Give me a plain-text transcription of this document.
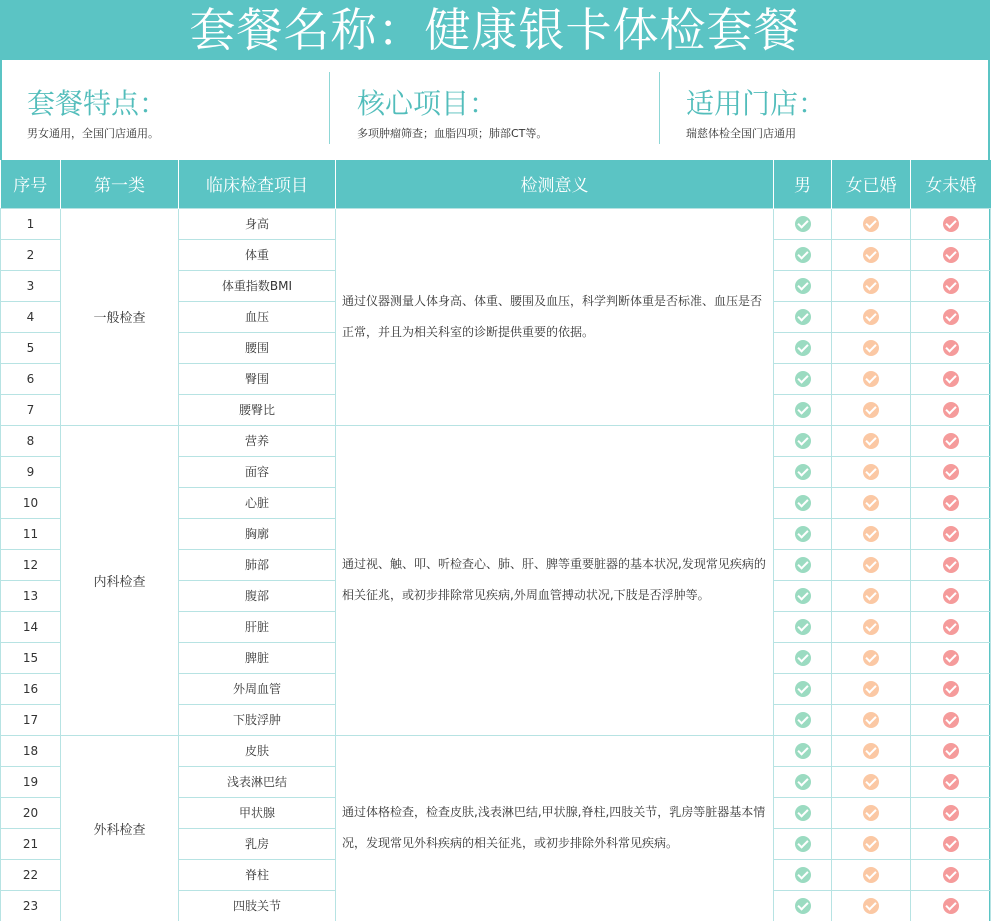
套餐名称：健康银卡体检套餐
套餐特点：
男女通用，全国门店通用。
核心项目：
多项肿瘤筛查；血脂四项；肺部CT等。
适用门店：
瑞慈体检全国门店通用
序号	第一类	临床检查项目	检测意义	男	女已婚	女未婚
1	一般检查	身高	通过仪器测量人体身高、体重、腰围及血压，科学判断体重是否标准、血压是否正常，并且为相关科室的诊断提供重要的依据。			
2		体重				
3		体重指数BMI				
4		血压				
5		腰围				
6		臀围				
7		腰臀比				
8	内科检查	营养	通过视、触、叩、听检查心、肺、肝、脾等重要脏器的基本状况,发现常见疾病的相关征兆，或初步排除常见疾病,外周血管搏动状况,下肢是否浮肿等。			
9		面容				
10		心脏				
11		胸廓				
12		肺部				
13		腹部				
14		肝脏				
15		脾脏				
16		外周血管				
17		下肢浮肿				
18	外科检查	皮肤	通过体格检查，检查皮肤,浅表淋巴结,甲状腺,脊柱,四肢关节，乳房等脏器基本情况，发现常见外科疾病的相关征兆，或初步排除外科常见疾病。			
19		浅表淋巴结				
20		甲状腺				
21		乳房				
22		脊柱				
23		四肢关节				
